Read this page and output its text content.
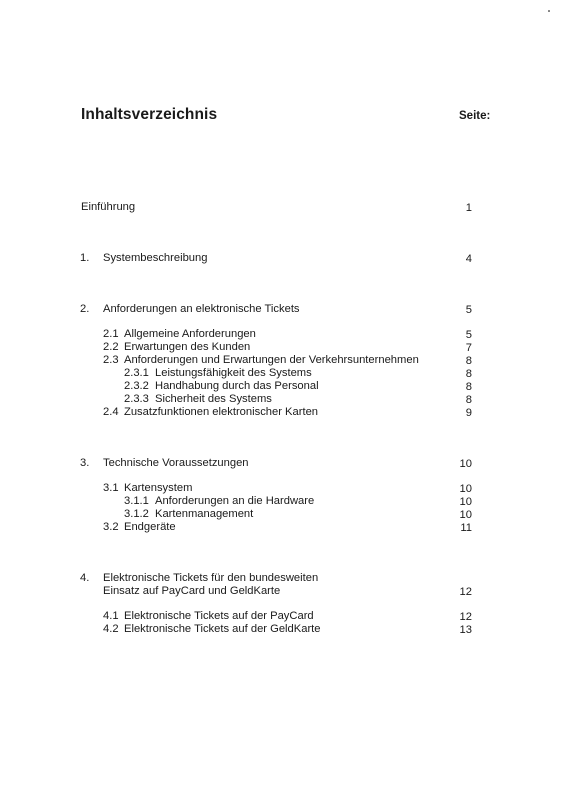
Inhaltsverzeichnis	Seite:
Einführung	1
1. Systembeschreibung	4
2. Anforderungen an elektronische Tickets	5
2.1 Allgemeine Anforderungen	5
2.2 Erwartungen des Kunden	7
2.3 Anforderungen und Erwartungen der Verkehrsunternehmen	8
2.3.1 Leistungsfähigkeit des Systems	8
2.3.2 Handhabung durch das Personal	8
2.3.3 Sicherheit des Systems	8
2.4 Zusatzfunktionen elektronischer Karten	9
3. Technische Voraussetzungen	10
3.1 Kartensystem	10
3.1.1 Anforderungen an die Hardware	10
3.1.2 Kartenmanagement	10
3.2 Endgeräte	11
4. Elektronische Tickets für den bundesweiten
Einsatz auf PayCard und GeldKarte	12
4.1 Elektronische Tickets auf der PayCard	12
4.2 Elektronische Tickets auf der GeldKarte	13
